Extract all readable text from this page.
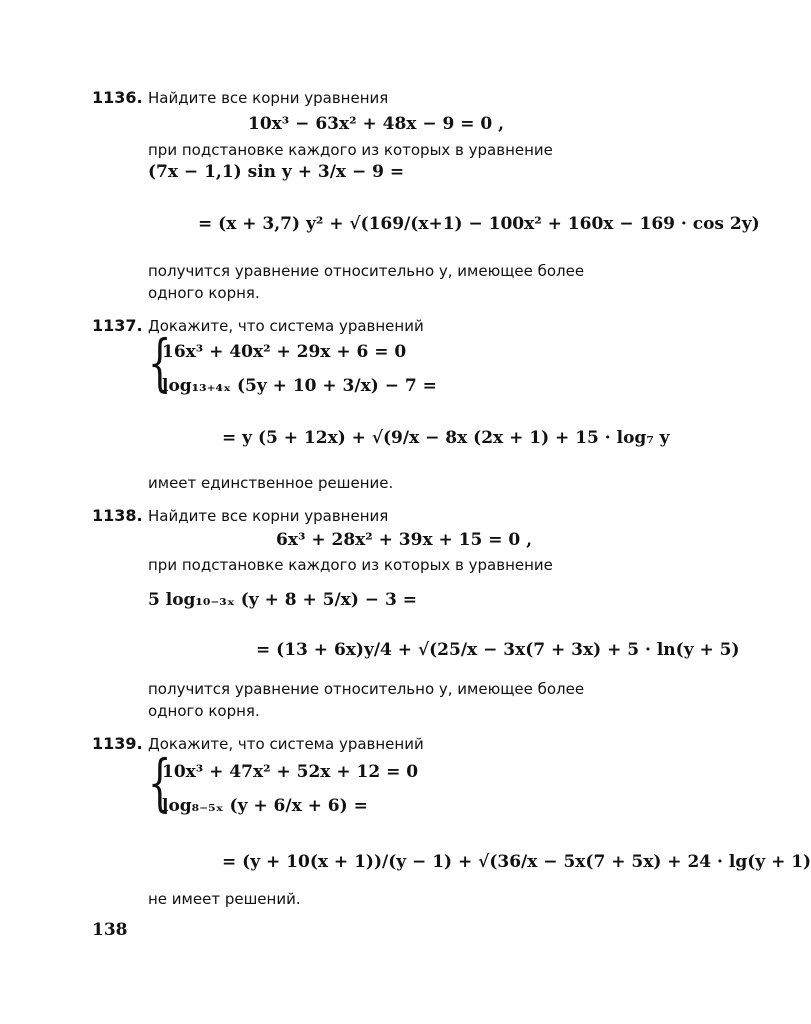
1136. Найдите все корни уравнения
10x³ − 63x² + 48x − 9 = 0 ,
при подстановке каждого из которых в уравнение
(7x − 1,1) sin y + 3/x − 9 =
= (x + 3,7) y² + √(169/(x+1) − 100x² + 160x − 169 · cos 2y)
получится уравнение относительно y, имеющее более
одного корня.
1137. Докажите, что система уравнений
{
16x³ + 40x² + 29x + 6 = 0
log₁₃₊₄ₓ (5y + 10 + 3/x) − 7 =
= y (5 + 12x) + √(9/x − 8x (2x + 1) + 15 · log₇ y
имеет единственное решение.
1138. Найдите все корни уравнения
6x³ + 28x² + 39x + 15 = 0 ,
при подстановке каждого из которых в уравнение
5 log₁₀₋₃ₓ (y + 8 + 5/x) − 3 =
= (13 + 6x)y/4 + √(25/x − 3x(7 + 3x) + 5 · ln(y + 5)
получится уравнение относительно y, имеющее более
одного корня.
1139. Докажите, что система уравнений
{
10x³ + 47x² + 52x + 12 = 0
log₈₋₅ₓ (y + 6/x + 6) =
= (y + 10(x + 1))/(y − 1) + √(36/x − 5x(7 + 5x) + 24 · lg(y + 1)
не имеет решений.
138
